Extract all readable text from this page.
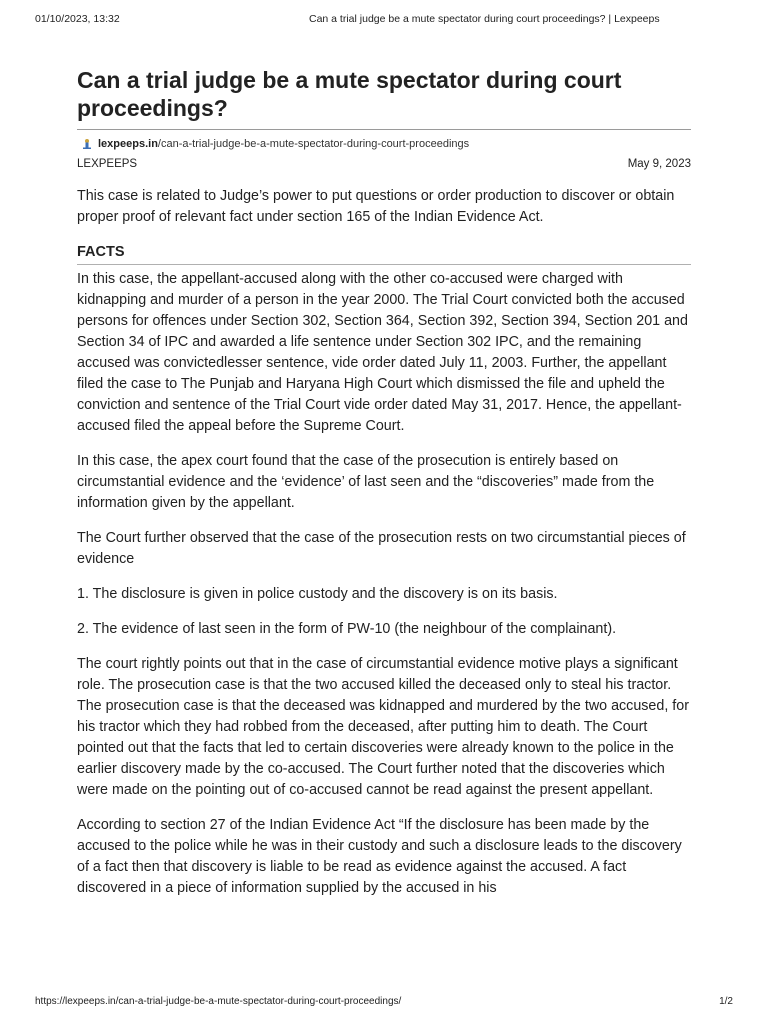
01/10/2023, 13:32	Can a trial judge be a mute spectator during court proceedings? | Lexpeeps
Can a trial judge be a mute spectator during court proceedings?
lexpeeps.in /can-a-trial-judge-be-a-mute-spectator-during-court-proceedings
LEXPEEPS	May 9, 2023

This case is related to Judge’s power to put questions or order production to discover or obtain proper proof of relevant fact under section 165 of the Indian Evidence Act.

FACTS

In this case, the appellant-accused along with the other co-accused were charged with kidnapping and murder of a person in the year 2000. The Trial Court convicted both the accused persons for offences under Section 302, Section 364, Section 392, Section 394, Section 201 and Section 34 of IPC and awarded a life sentence under Section 302 IPC, and the remaining accused was convictedlesser sentence, vide order dated July 11, 2003. Further, the appellant filed the case to The Punjab and Haryana High Court which dismissed the file and upheld the conviction and sentence of the Trial Court vide order dated May 31, 2017. Hence, the appellant-accused filed the appeal before the Supreme Court.

In this case, the apex court found that the case of the prosecution is entirely based on circumstantial evidence and the ‘evidence’ of last seen and the “discoveries” made from the information given by the appellant.

The Court further observed that the case of the prosecution rests on two circumstantial pieces of evidence

1. The disclosure is given in police custody and the discovery is on its basis.

2. The evidence of last seen in the form of PW-10 (the neighbour of the complainant).

The court rightly points out that in the case of circumstantial evidence motive plays a significant role. The prosecution case is that the two accused killed the deceased only to steal his tractor. The prosecution case is that the deceased was kidnapped and murdered by the two accused, for his tractor which they had robbed from the deceased, after putting him to death. The Court pointed out that the facts that led to certain discoveries were already known to the police in the earlier discovery made by the co-accused. The Court further noted that the discoveries which were made on the pointing out of co-accused cannot be read against the present appellant.

According to section 27 of the Indian Evidence Act “If the disclosure has been made by the accused to the police while he was in their custody and such a disclosure leads to the discovery of a fact then that discovery is liable to be read as evidence against the accused. A fact discovered in a piece of information supplied by the accused in his

https://lexpeeps.in/can-a-trial-judge-be-a-mute-spectator-during-court-proceedings/	1/2
